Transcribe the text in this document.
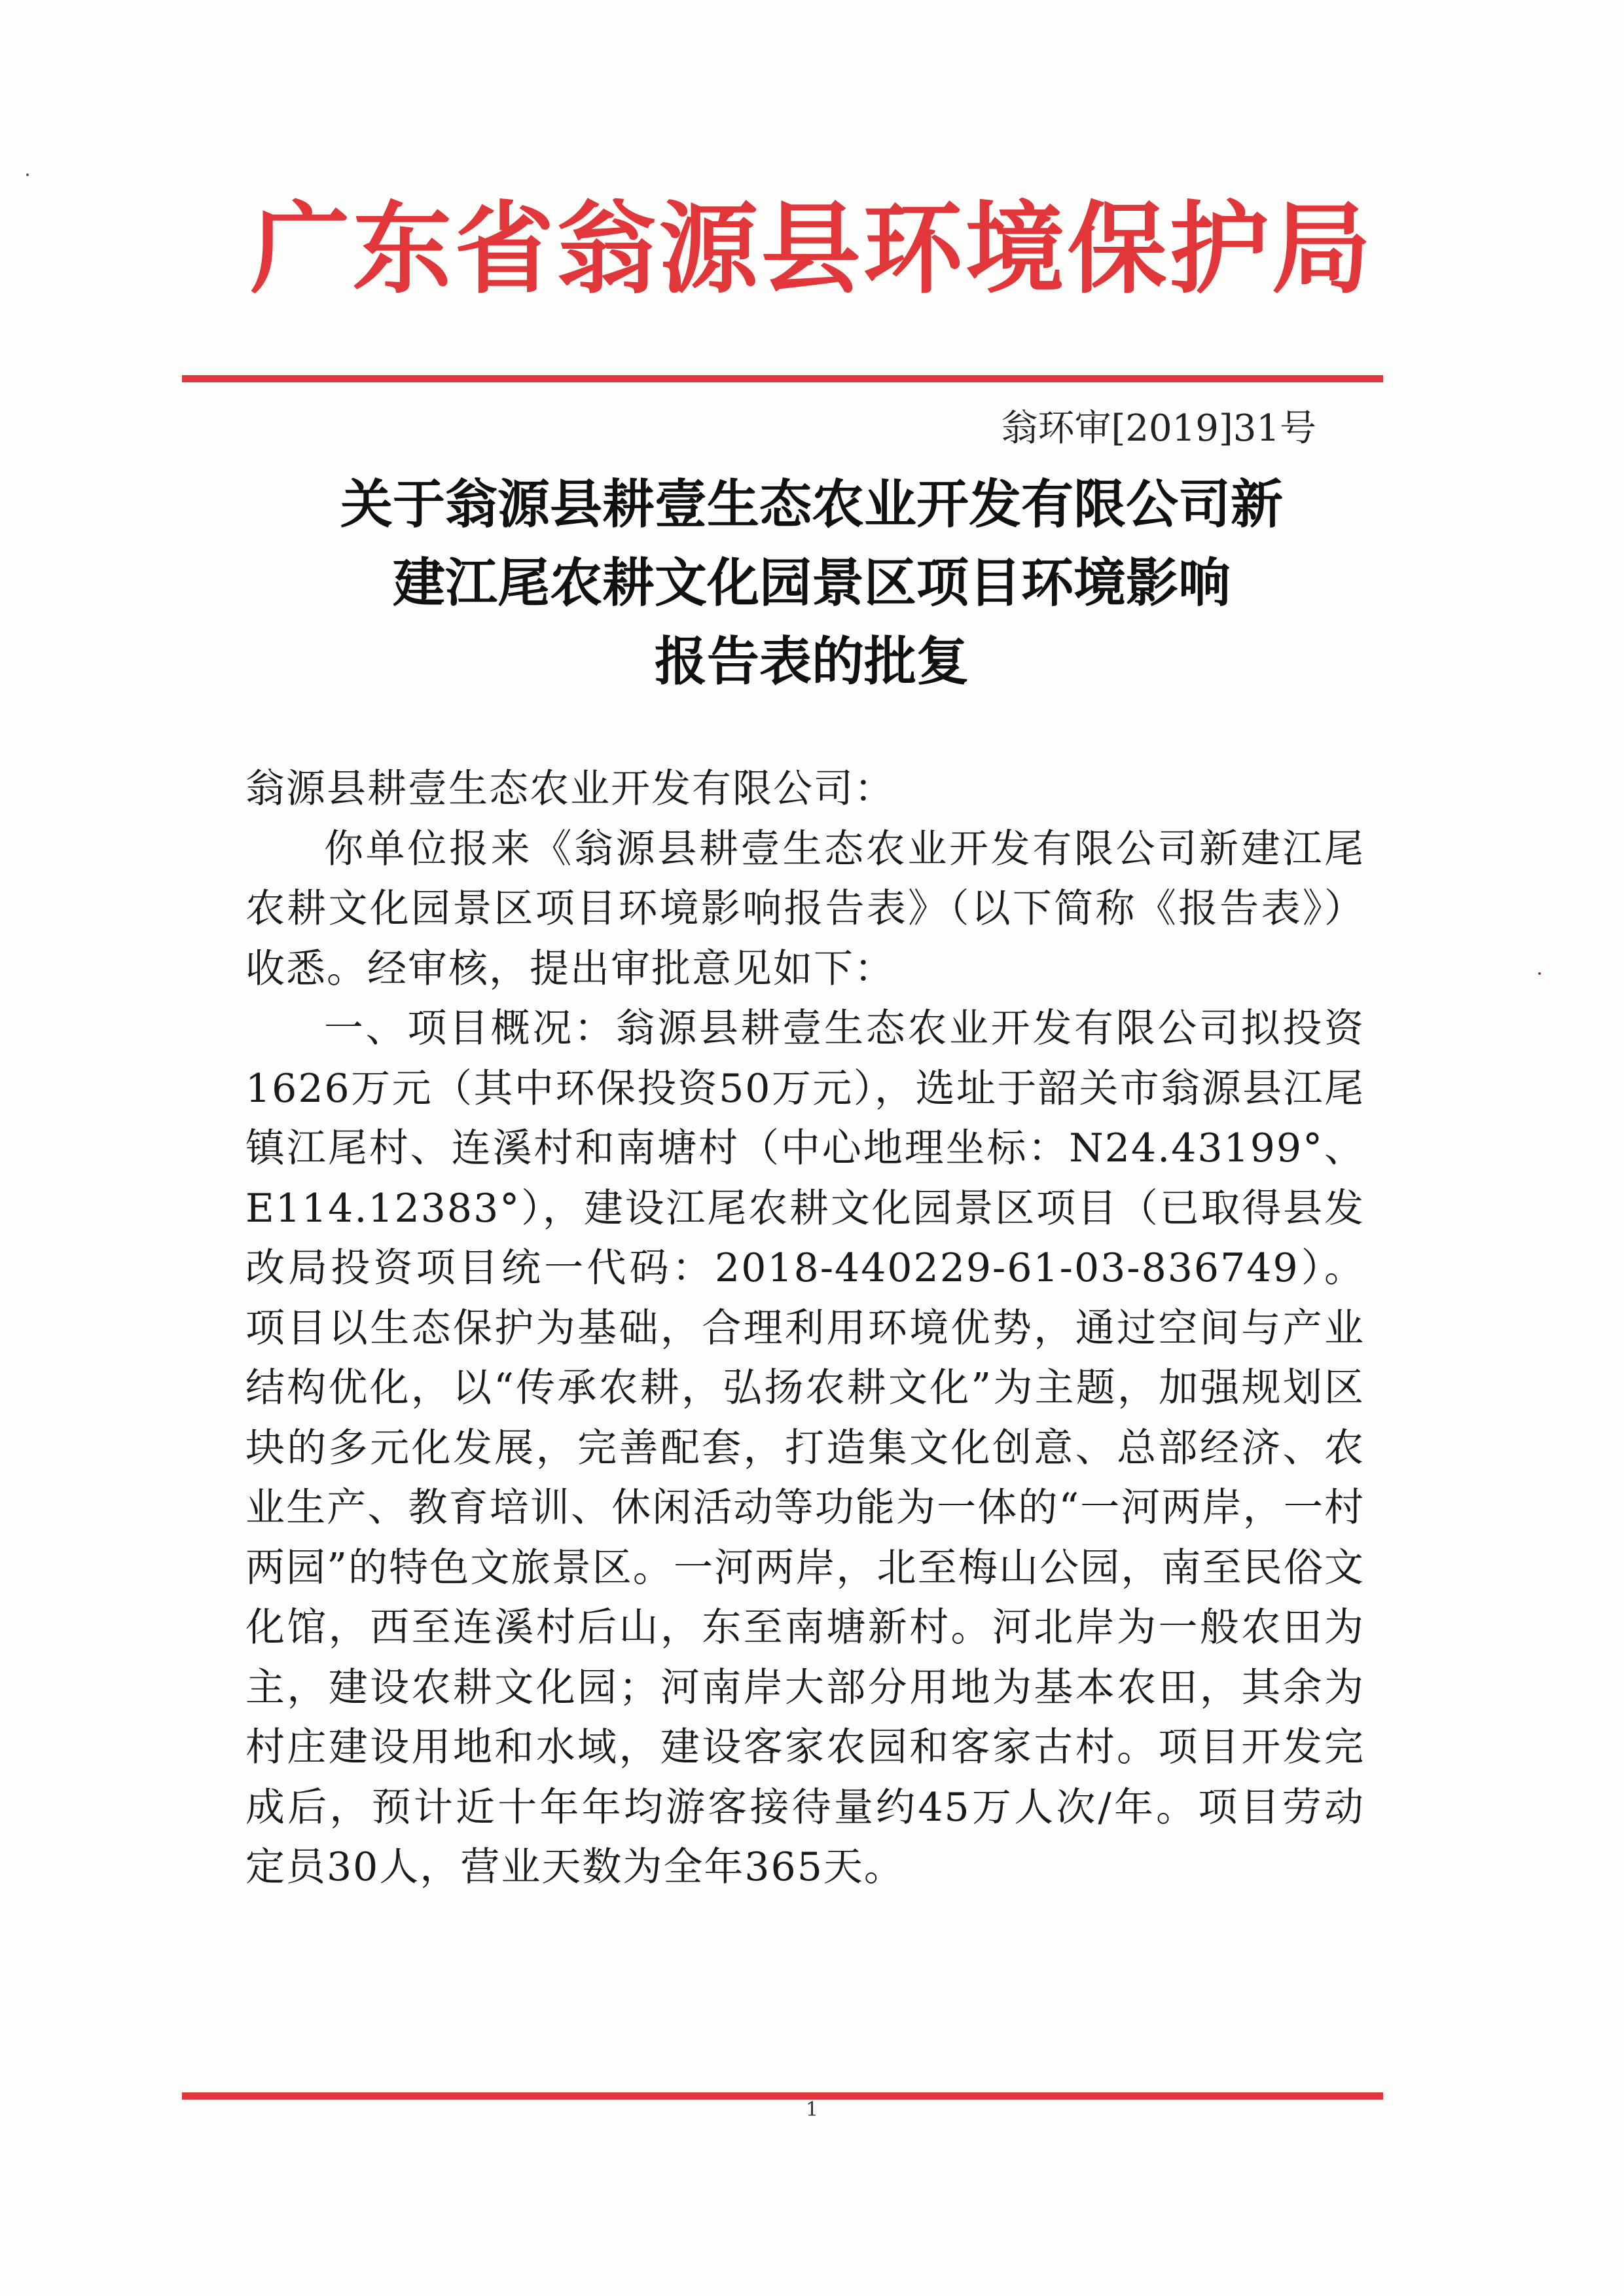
广东省翁源县环境保护局
翁环审[2019]31号
关于翁源县耕壹生态农业开发有限公司新
建江尾农耕文化园景区项目环境影响
报告表的批复

翁源县耕壹生态农业开发有限公司：

你单位报来《翁源县耕壹生态农业开发有限公司新建江尾农耕文化园景区项目环境影响报告表》（以下简称《报告表》）收悉。经审核，提出审批意见如下：

一、项目概况：翁源县耕壹生态农业开发有限公司拟投资1626万元（其中环保投资50万元），选址于韶关市翁源县江尾镇江尾村、连溪村和南塘村（中心地理坐标：N24.43199°、E114.12383°），建设江尾农耕文化园景区项目（已取得县发改局投资项目统一代码：2018-440229-61-03-836749）。项目以生态保护为基础，合理利用环境优势，通过空间与产业结构优化，以“传承农耕，弘扬农耕文化”为主题，加强规划区块的多元化发展，完善配套，打造集文化创意、总部经济、农业生产、教育培训、休闲活动等功能为一体的“一河两岸，一村两园”的特色文旅景区。一河两岸，北至梅山公园，南至民俗文化馆，西至连溪村后山，东至南塘新村。河北岸为一般农田为主，建设农耕文化园；河南岸大部分用地为基本农田，其余为村庄建设用地和水域，建设客家农园和客家古村。项目开发完成后，预计近十年年均游客接待量约45万人次/年。项目劳动定员30人，营业天数为全年365天。

1
